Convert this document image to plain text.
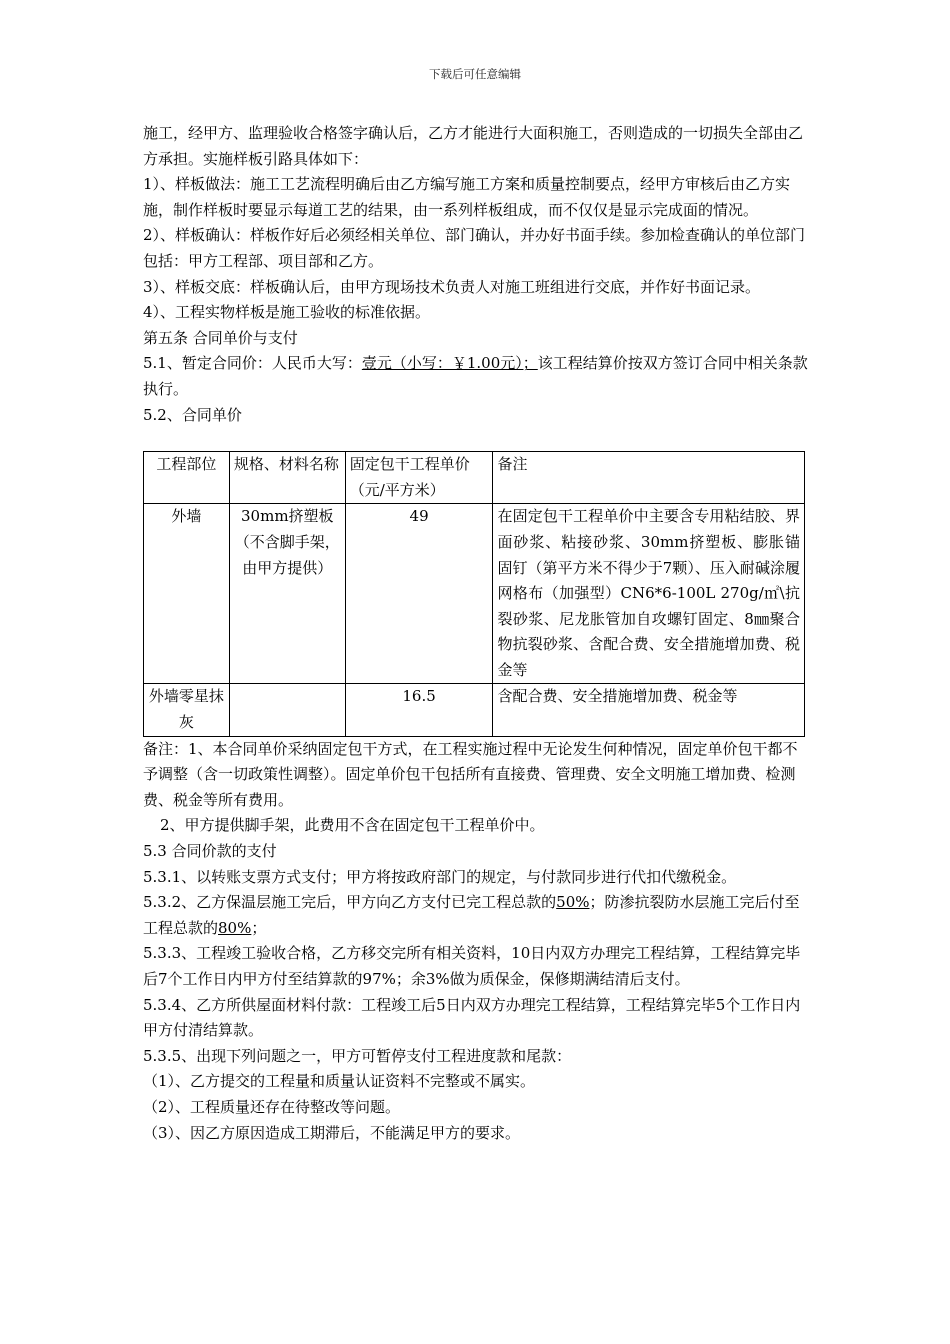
下载后可任意编辑

施工，经甲方、监理验收合格签字确认后，乙方才能进行大面积施工，否则造成的一切损失全部由乙方承担。实施样板引路具体如下：

1）、样板做法：施工工艺流程明确后由乙方编写施工方案和质量控制要点，经甲方审核后由乙方实施，制作样板时要显示每道工艺的结果，由一系列样板组成，而不仅仅是显示完成面的情况。

2）、样板确认：样板作好后必须经相关单位、部门确认，并办好书面手续。参加检查确认的单位部门包括：甲方工程部、项目部和乙方。

3）、样板交底：样板确认后，由甲方现场技术负责人对施工班组进行交底，并作好书面记录。

4）、工程实物样板是施工验收的标准依据。

第五条 合同单价与支付

5.1、暂定合同价：人民币大写：壹元（小写：￥1.00元）；该工程结算价按双方签订合同中相关条款执行。

5.2、合同单价

工程部位	规格、材料名称	固定包干工程单价（元/平方米）	备注
外墙	30mm挤塑板（不含脚手架，由甲方提供）	49	在固定包干工程单价中主要含专用粘结胶、界面砂浆、粘接砂浆、30mm挤塑板、膨胀锚固钉（第平方米不得少于7颗）、压入耐碱涂履网格布（加强型）CN6*6-100L 270g/㎡\抗裂砂浆、尼龙胀管加自攻螺钉固定、8㎜聚合物抗裂砂浆、含配合费、安全措施增加费、税金等
外墙零星抹灰		16.5	含配合费、安全措施增加费、税金等

备注：1、本合同单价采纳固定包干方式，在工程实施过程中无论发生何种情况，固定单价包干都不予调整（含一切政策性调整）。固定单价包干包括所有直接费、管理费、安全文明施工增加费、检测费、税金等所有费用。

2、甲方提供脚手架，此费用不含在固定包干工程单价中。

5.3 合同价款的支付

5.3.1、以转账支票方式支付；甲方将按政府部门的规定，与付款同步进行代扣代缴税金。

5.3.2、乙方保温层施工完后，甲方向乙方支付已完工程总款的50%；防渗抗裂防水层施工完后付至工程总款的80%；

5.3.3、工程竣工验收合格，乙方移交完所有相关资料，10日内双方办理完工程结算，工程结算完毕后7个工作日内甲方付至结算款的97%；余3%做为质保金，保修期满结清后支付。

5.3.4、乙方所供屋面材料付款：工程竣工后5日内双方办理完工程结算，工程结算完毕5个工作日内甲方付清结算款。

5.3.5、出现下列问题之一，甲方可暂停支付工程进度款和尾款：

（1）、乙方提交的工程量和质量认证资料不完整或不属实。

（2）、工程质量还存在待整改等问题。

（3）、因乙方原因造成工期滞后，不能满足甲方的要求。
